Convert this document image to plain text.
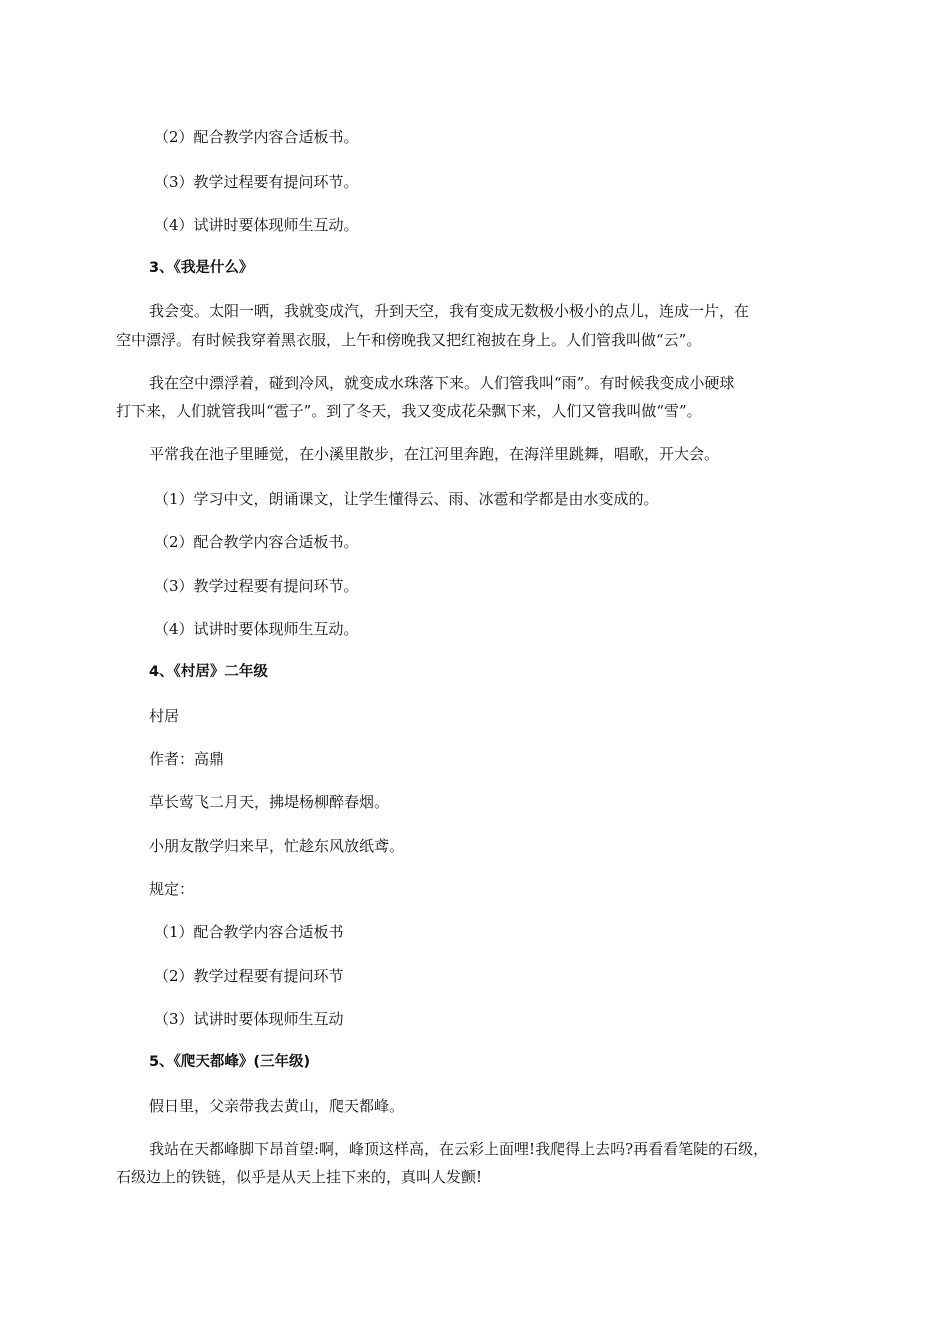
（2）配合教学内容合适板书。
（3）教学过程要有提问环节。
（4）试讲时要体现师生互动。
3、《我是什么》
我会变。太阳一晒，我就变成汽，升到天空，我有变成无数极小极小的点儿，连成一片，在
空中漂浮。有时候我穿着黑衣服，上午和傍晚我又把红袍披在身上。人们管我叫做“云”。
我在空中漂浮着，碰到冷风，就变成水珠落下来。人们管我叫“雨”。有时候我变成小硬球
打下来，人们就管我叫“雹子”。到了冬天，我又变成花朵飘下来，人们又管我叫做“雪”。
平常我在池子里睡觉，在小溪里散步，在江河里奔跑，在海洋里跳舞，唱歌，开大会。
（1）学习中文，朗诵课文，让学生懂得云、雨、冰雹和学都是由水变成的。
（2）配合教学内容合适板书。
（3）教学过程要有提问环节。
（4）试讲时要体现师生互动。
4、《村居》二年级
村居
作者：高鼎
草长莺飞二月天，拂堤杨柳醉春烟。
小朋友散学归来早，忙趁东风放纸鸢。
规定：
（1）配合教学内容合适板书
（2）教学过程要有提问环节
（3）试讲时要体现师生互动
5、《爬天都峰》(三年级)
假日里，父亲带我去黄山，爬天都峰。
我站在天都峰脚下昂首望:啊，峰顶这样高，在云彩上面哩!我爬得上去吗?再看看笔陡的石级，
石级边上的铁链，似乎是从天上挂下来的，真叫人发颤!
